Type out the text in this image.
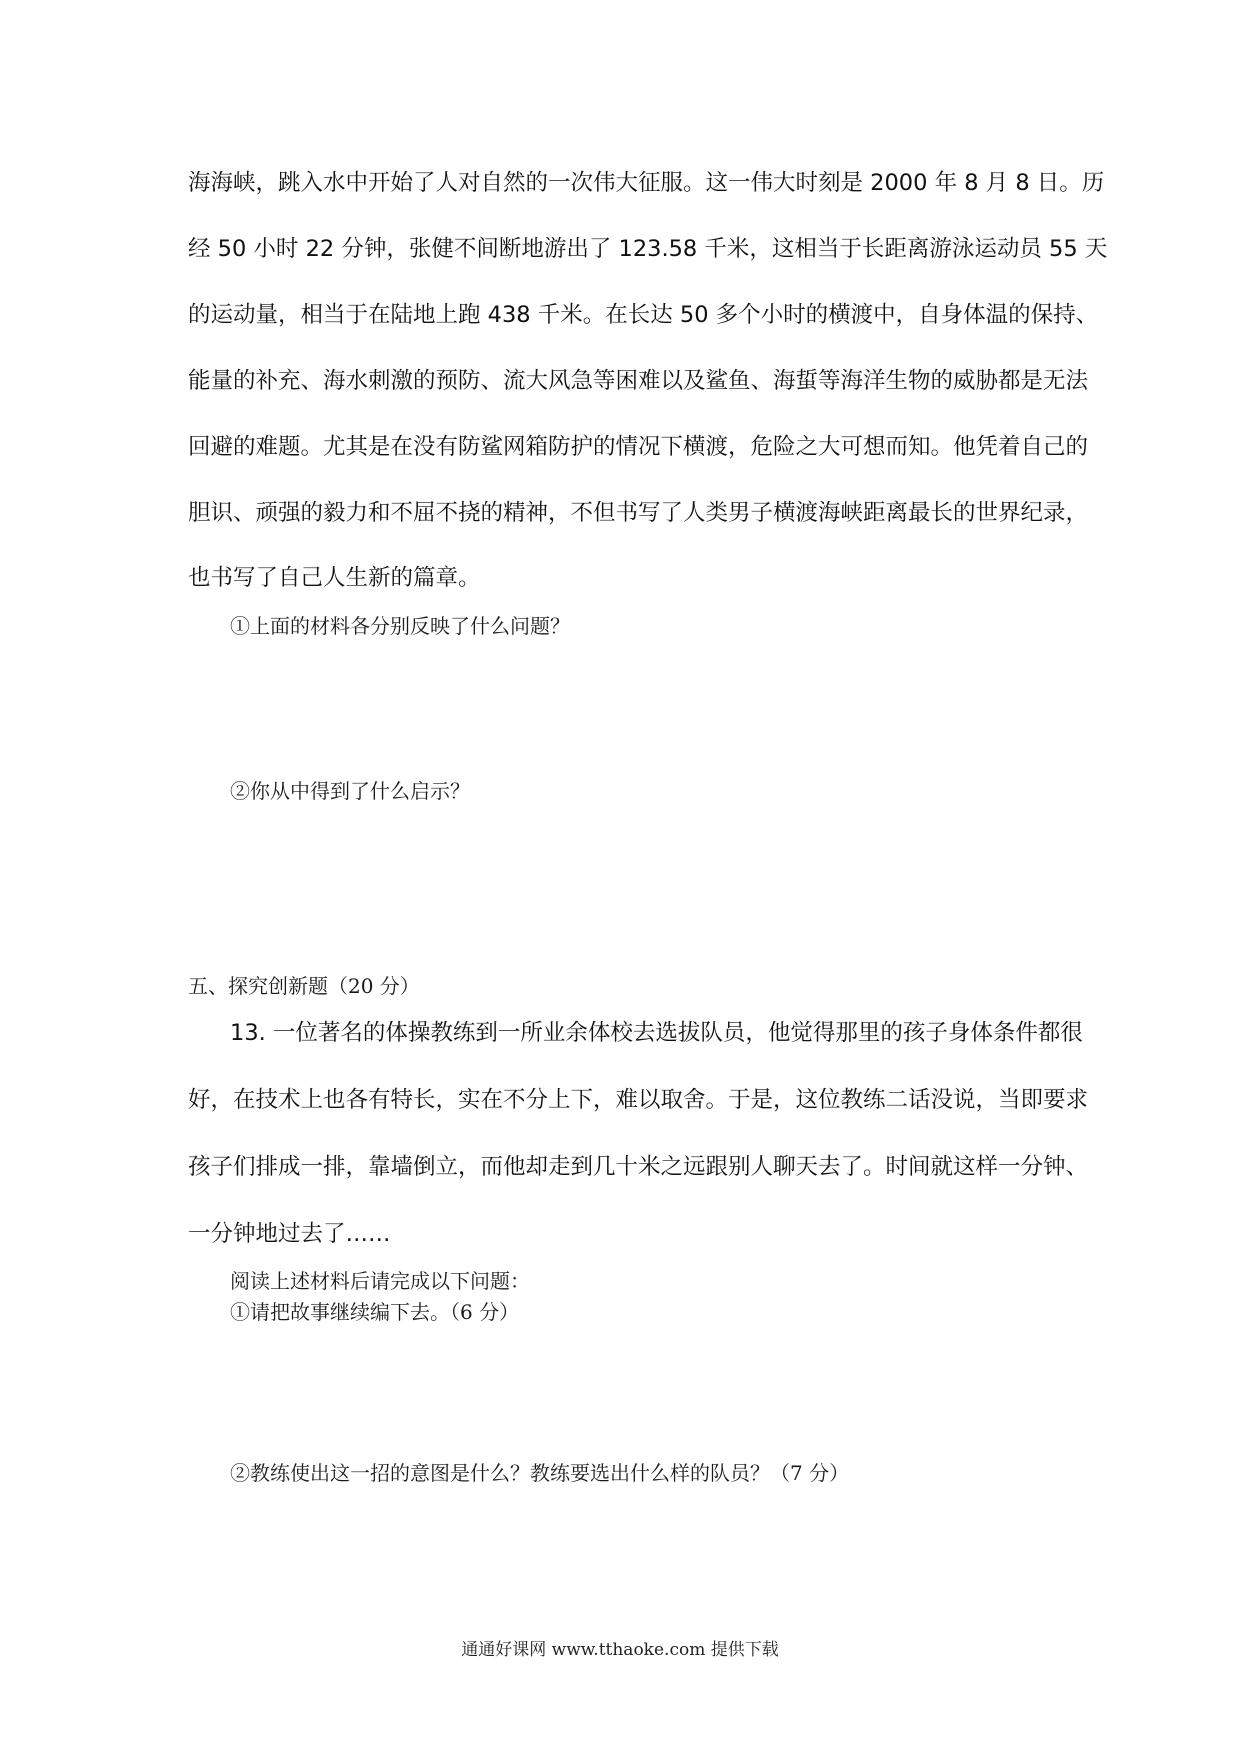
海海峡，跳入水中开始了人对自然的一次伟大征服。这一伟大时刻是 2000 年 8 月 8 日。历
经 50 小时 22 分钟，张健不间断地游出了 123.58 千米，这相当于长距离游泳运动员 55 天
的运动量，相当于在陆地上跑 438 千米。在长达 50 多个小时的横渡中，自身体温的保持、
能量的补充、海水刺激的预防、流大风急等困难以及鲨鱼、海蜇等海洋生物的威胁都是无法
回避的难题。尤其是在没有防鲨网箱防护的情况下横渡，危险之大可想而知。他凭着自己的
胆识、顽强的毅力和不屈不挠的精神，不但书写了人类男子横渡海峡距离最长的世界纪录，
也书写了自己人生新的篇章。
①上面的材料各分别反映了什么问题？
②你从中得到了什么启示？
五、探究创新题（20 分）
13. 一位著名的体操教练到一所业余体校去选拔队员，他觉得那里的孩子身体条件都很
好，在技术上也各有特长，实在不分上下，难以取舍。于是，这位教练二话没说，当即要求
孩子们排成一排，靠墙倒立，而他却走到几十米之远跟别人聊天去了。时间就这样一分钟、
一分钟地过去了……
阅读上述材料后请完成以下问题：
①请把故事继续编下去。（6 分）
②教练使出这一招的意图是什么？教练要选出什么样的队员？（7 分）
通通好课网 www.tthaoke.com 提供下载
